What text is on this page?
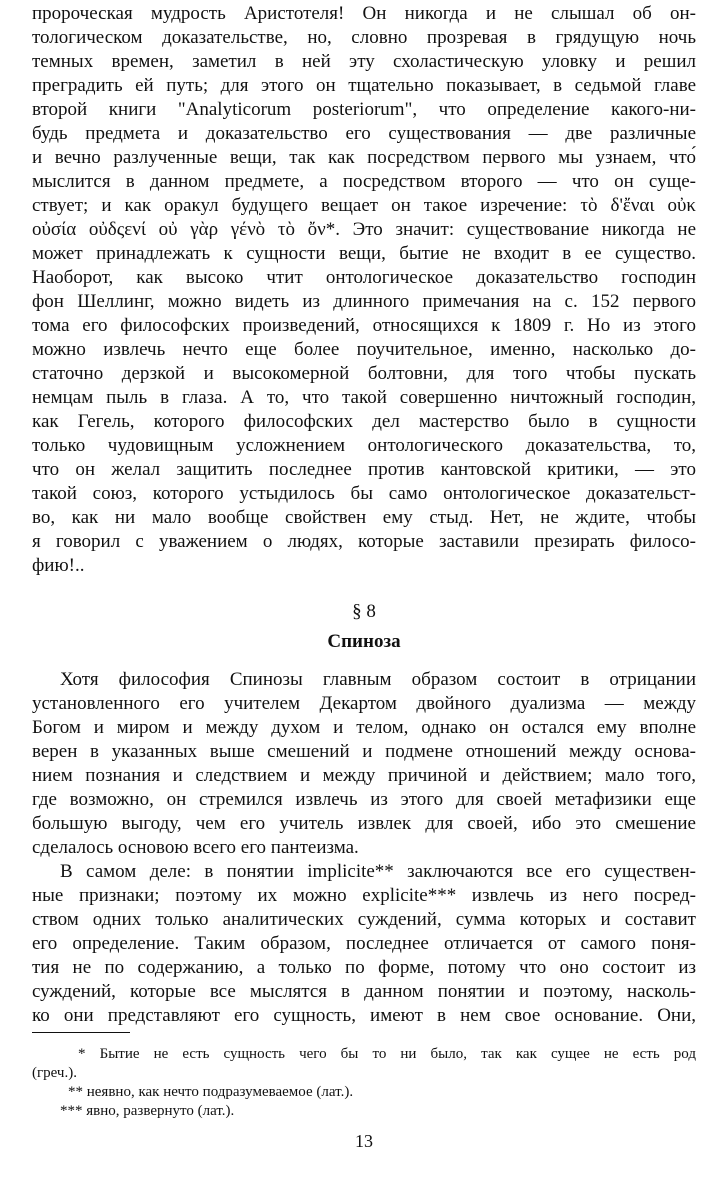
пророческая мудрость Аристотеля! Он никогда и не слышал об он-
тологическом доказательстве, но, словно прозревая в грядущую ночь
темных времен, заметил в ней эту схоластическую уловку и решил
преградить ей путь; для этого он тщательно показывает, в седьмой главе
второй книги "Analyticorum posteriorum", что определение какого-ни-
будь предмета и доказательство его существования — две различные
и вечно разлученные вещи, так как посредством первого мы узнаем, что́
мыслится в данном предмете, а посредством второго — что он суще-
ствует; и как оракул будущего вещает он такое изречение: τὸ δ'ἔναι οὐκ
οὐσία οὐδςενί οὐ γὰρ γένὸ τὸ ὄν*. Это значит: существование никогда не
может принадлежать к сущности вещи, бытие не входит в ее существо.
Наоборот, как высоко чтит онтологическое доказательство господин
фон Шеллинг, можно видеть из длинного примечания на с. 152 первого
тома его философских произведений, относящихся к 1809 г. Но из этого
можно извлечь нечто еще более поучительное, именно, насколько до-
статочно дерзкой и высокомерной болтовни, для того чтобы пускать
немцам пыль в глаза. А то, что такой совершенно ничтожный господин,
как Гегель, которого философских дел мастерство было в сущности
только чудовищным усложнением онтологического доказательства, то,
что он желал защитить последнее против кантовской критики, — это
такой союз, которого устыдилось бы само онтологическое доказательст-
во, как ни мало вообще свойствен ему стыд. Нет, не ждите, чтобы
я говорил с уважением о людях, которые заставили презирать филосо-
фию!..
§ 8
Спиноза
Хотя философия Спинозы главным образом состоит в отрицании
установленного его учителем Декартом двойного дуализма — между
Богом и миром и между духом и телом, однако он остался ему вполне
верен в указанных выше смешений и подмене отношений между основа-
нием познания и следствием и между причиной и действием; мало того,
где возможно, он стремился извлечь из этого для своей метафизики еще
большую выгоду, чем его учитель извлек для своей, ибо это смешение
сделалось основою всего его пантеизма.
В самом деле: в понятии implicite** заключаются все его существен-
ные признаки; поэтому их можно explicite*** извлечь из него посред-
ством одних только аналитических суждений, сумма которых и составит
его определение. Таким образом, последнее отличается от самого поня-
тия не по содержанию, а только по форме, потому что оно состоит из
суждений, которые все мыслятся в данном понятии и поэтому, насколь-
ко они представляют его сущность, имеют в нем свое основание. Они,
* Бытие не есть сущность чего бы то ни было, так как сущее не есть род
(греч.).
** неявно, как нечто подразумеваемое (лат.).
*** явно, развернуто (лат.).
13
